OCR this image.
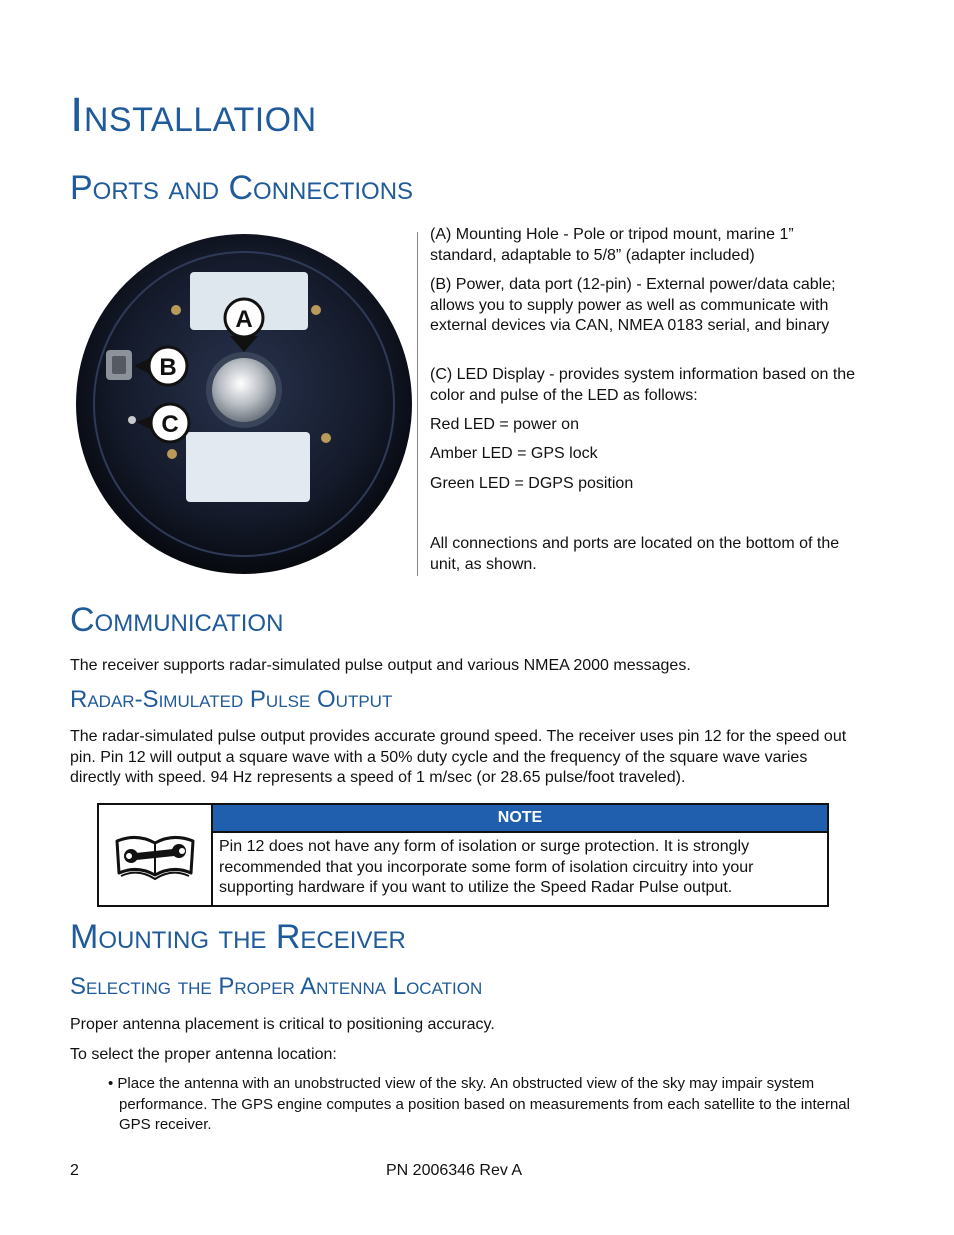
Installation
Ports and Connections
A
B
C

(A) Mounting Hole - Pole or tripod mount, marine 1” standard, adaptable to 5/8” (adapter included)

(B) Power, data port (12-pin) - External power/data cable; allows you to supply power as well as communicate with external devices via CAN, NMEA 0183 serial, and binary

(C) LED Display - provides system information based on the color and pulse of the LED as follows:

Red LED = power on

Amber LED = GPS lock

Green LED = DGPS position

All connections and ports are located on the bottom of the unit, as shown.

Communication

The receiver supports radar-simulated pulse output and various NMEA 2000 messages.

Radar-Simulated Pulse Output

The radar-simulated pulse output provides accurate ground speed. The receiver uses pin 12 for the speed out pin. Pin 12 will output a square wave with a 50% duty cycle and the frequency of the square wave varies directly with speed. 94 Hz represents a speed of 1 m/sec (or 28.65 pulse/foot traveled).

NOTE
Pin 12 does not have any form of isolation or surge protection. It is strongly recommended that you incorporate some form of isolation circuitry into your supporting hardware if you want to utilize the Speed Radar Pulse output.
Mounting the Receiver
Selecting the Proper Antenna Location

Proper antenna placement is critical to positioning accuracy.

To select the proper antenna location:

• Place the antenna with an unobstructed view of the sky. An obstructed view of the sky may impair system performance. The GPS engine computes a position based on measurements from each satellite to the internal GPS receiver.

2	PN 2006346 Rev A
